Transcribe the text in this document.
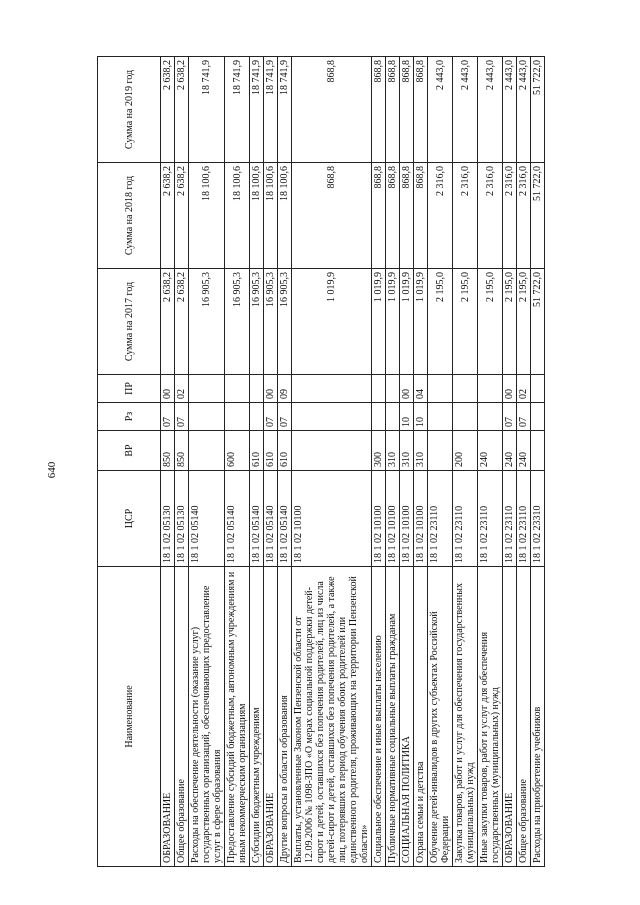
640
Наименование	ЦСР	ВР	Рз	ПР	Сумма на 2017 год	Сумма на 2018 год	Сумма на 2019 год
ОБРАЗОВАНИЕ	18 1 02 05130	850	07	00	2 638,2	2 638,2	2 638,2
Общее образование	18 1 02 05130	850	07	02	2 638,2	2 638,2	2 638,2
Расходы на обеспечение деятельности (оказание услуг) государственных организаций, обеспечивающих предоставление услуг в сфере образования	18 1 02 05140				16 905,3	18 100,6	18 741,9
Предоставление субсидий бюджетным, автономным учреждениям и иным некоммерческим организациям	18 1 02 05140	600			16 905,3	18 100,6	18 741,9
Субсидии бюджетным учреждениям	18 1 02 05140	610			16 905,3	18 100,6	18 741,9
ОБРАЗОВАНИЕ	18 1 02 05140	610	07	00	16 905,3	18 100,6	18 741,9
Другие вопросы в области образования	18 1 02 05140	610	07	09	16 905,3	18 100,6	18 741,9
Выплаты, установленные Законом Пензенской области от 12.09.2006 № 1098-ЗПО «О мерах социальной поддержки детей-сирот и детей, оставшихся без попечения родителей, лиц из числа детей-сирот и детей, оставшихся без попечения родителей, а также лиц, потерявших в период обучения обоих родителей или единственного родителя, проживающих на территории Пензенской области»	18 1 02 10100				1 019,9	868,8	868,8
Социальное обеспечение и иные выплаты населению	18 1 02 10100	300			1 019,9	868,8	868,8
Публичные нормативные социальные выплаты гражданам	18 1 02 10100	310			1 019,9	868,8	868,8
СОЦИАЛЬНАЯ ПОЛИТИКА	18 1 02 10100	310	10	00	1 019,9	868,8	868,8
Охрана семьи и детства	18 1 02 10100	310	10	04	1 019,9	868,8	868,8
Обучение детей-инвалидов в других субъектах Российской Федерации	18 1 02 23110				2 195,0	2 316,0	2 443,0
Закупка товаров, работ и услуг для обеспечения государственных (муниципальных) нужд	18 1 02 23110	200			2 195,0	2 316,0	2 443,0
Иные закупки товаров, работ и услуг для обеспечения государственных (муниципальных) нужд	18 1 02 23110	240			2 195,0	2 316,0	2 443,0
ОБРАЗОВАНИЕ	18 1 02 23110	240	07	00	2 195,0	2 316,0	2 443,0
Общее образование	18 1 02 23110	240	07	02	2 195,0	2 316,0	2 443,0
Расходы на приобретение учебников	18 1 02 23310				51 722,0	51 722,0	51 722,0
